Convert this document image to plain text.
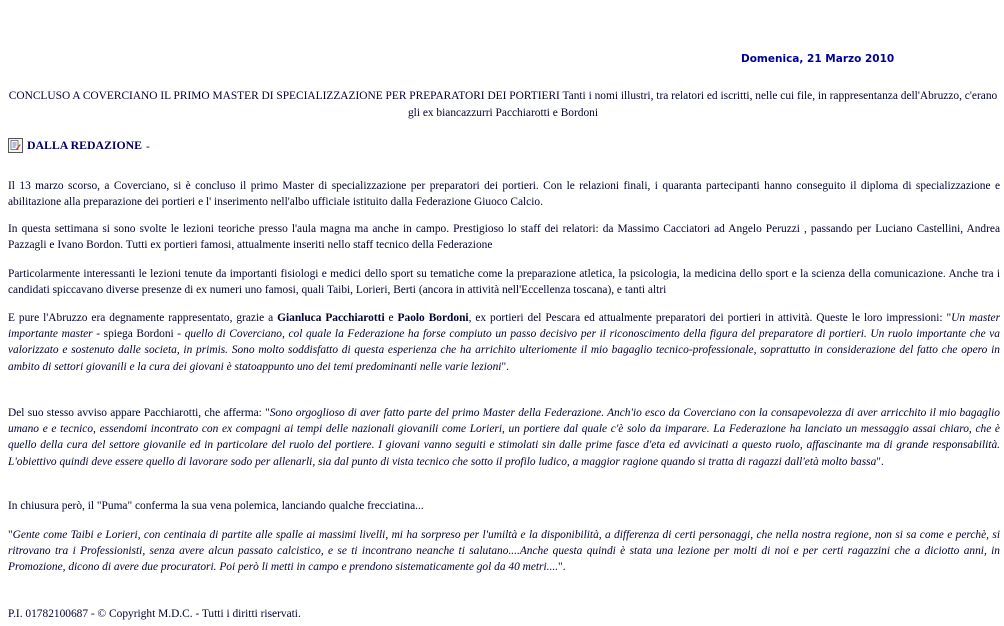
Domenica, 21 Marzo 2010

CONCLUSO A COVERCIANO IL PRIMO MASTER DI SPECIALIZZAZIONE PER PREPARATORI DEI PORTIERI Tanti i nomi illustri, tra relatori ed iscritti, nelle cui file, in rappresentanza dell'Abruzzo, c'erano gli ex biancazzurri Pacchiarotti e Bordoni

DALLA REDAZIONE -

Il 13 marzo scorso, a Coverciano, si è concluso il primo Master di specializzazione per preparatori dei portieri. Con le relazioni finali, i quaranta partecipanti hanno conseguito il diploma di specializzazione e abilitazione alla preparazione dei portieri e l' inserimento nell'albo ufficiale istituito dalla Federazione Giuoco Calcio.

In questa settimana si sono svolte le lezioni teoriche presso l'aula magna ma anche in campo. Prestigioso lo staff dei relatori: da Massimo Cacciatori ad Angelo Peruzzi , passando per Luciano Castellini, Andrea Pazzagli e Ivano Bordon. Tutti ex portieri famosi, attualmente inseriti nello staff tecnico della Federazione

Particolarmente interessanti le lezioni tenute da importanti fisiologi e medici dello sport su tematiche come la preparazione atletica, la psicologia, la medicina dello sport e la scienza della comunicazione. Anche tra i candidati spiccavano diverse presenze di ex numeri uno famosi, quali Taibi, Lorieri, Berti (ancora in attività nell'Eccellenza toscana), e tanti altri

E pure l'Abruzzo era degnamente rappresentato, grazie a Gianluca Pacchiarotti e Paolo Bordoni, ex portieri del Pescara ed attualmente preparatori dei portieri in attività. Queste le loro impressioni: "Un master importante master - spiega Bordoni - quello di Coverciano, col quale la Federazione ha forse compiuto un passo decisivo per il riconoscimento della figura del preparatore di portieri. Un ruolo importante che va valorizzato e sostenuto dalle societa, in primis. Sono molto soddisfatto di questa esperienza che ha arrichito ulteriomente il mio bagaglio tecnico-professionale, soprattutto in considerazione del fatto che opero in ambito di settori giovanili e la cura dei giovani è statoappunto uno dei temi predominanti nelle varie lezioni".

Del suo stesso avviso appare Pacchiarotti, che afferma: "Sono orgoglioso di aver fatto parte del primo Master della Federazione. Anch'io esco da Coverciano con la consapevolezza di aver arricchito il mio bagaglio umano e e tecnico, essendomi incontrato con ex compagni ai tempi delle nazionali giovanili come Lorieri, un portiere dal quale c'è solo da imparare. La Federazione ha lanciato un messaggio assai chiaro, che è quello della cura del settore giovanile ed in particolare del ruolo del portiere. I giovani vanno seguiti e stimolati sin dalle prime fasce d'eta ed avvicinati a questo ruolo, affascinante ma di grande responsabilità. L'obiettivo quindi deve essere quello di lavorare sodo per allenarli, sia dal punto di vista tecnico che sotto il profilo ludico, a maggior ragione quando si tratta di ragazzi dall'età molto bassa".

In chiusura però, il "Puma" conferma la sua vena polemica, lanciando qualche frecciatina...

"Gente come Taibi e Lorieri, con centinaia di partite alle spalle ai massimi livelli, mi ha sorpreso per l'umiltà e la disponibilità, a differenza di certi personaggi, che nella nostra regione, non si sa come e perchè, si ritrovano tra i Professionisti, senza avere alcun passato calcistico, e se ti incontrano neanche ti salutano....Anche questa quindi è stata una lezione per molti di noi e per certi ragazzini che a diciotto anni, in Promozione, dicono di avere due procuratori. Poi però li metti in campo e prendono sistematicamente gol da 40 metri....".

P.I. 01782100687 - © Copyright M.D.C. - Tutti i diritti riservati.
